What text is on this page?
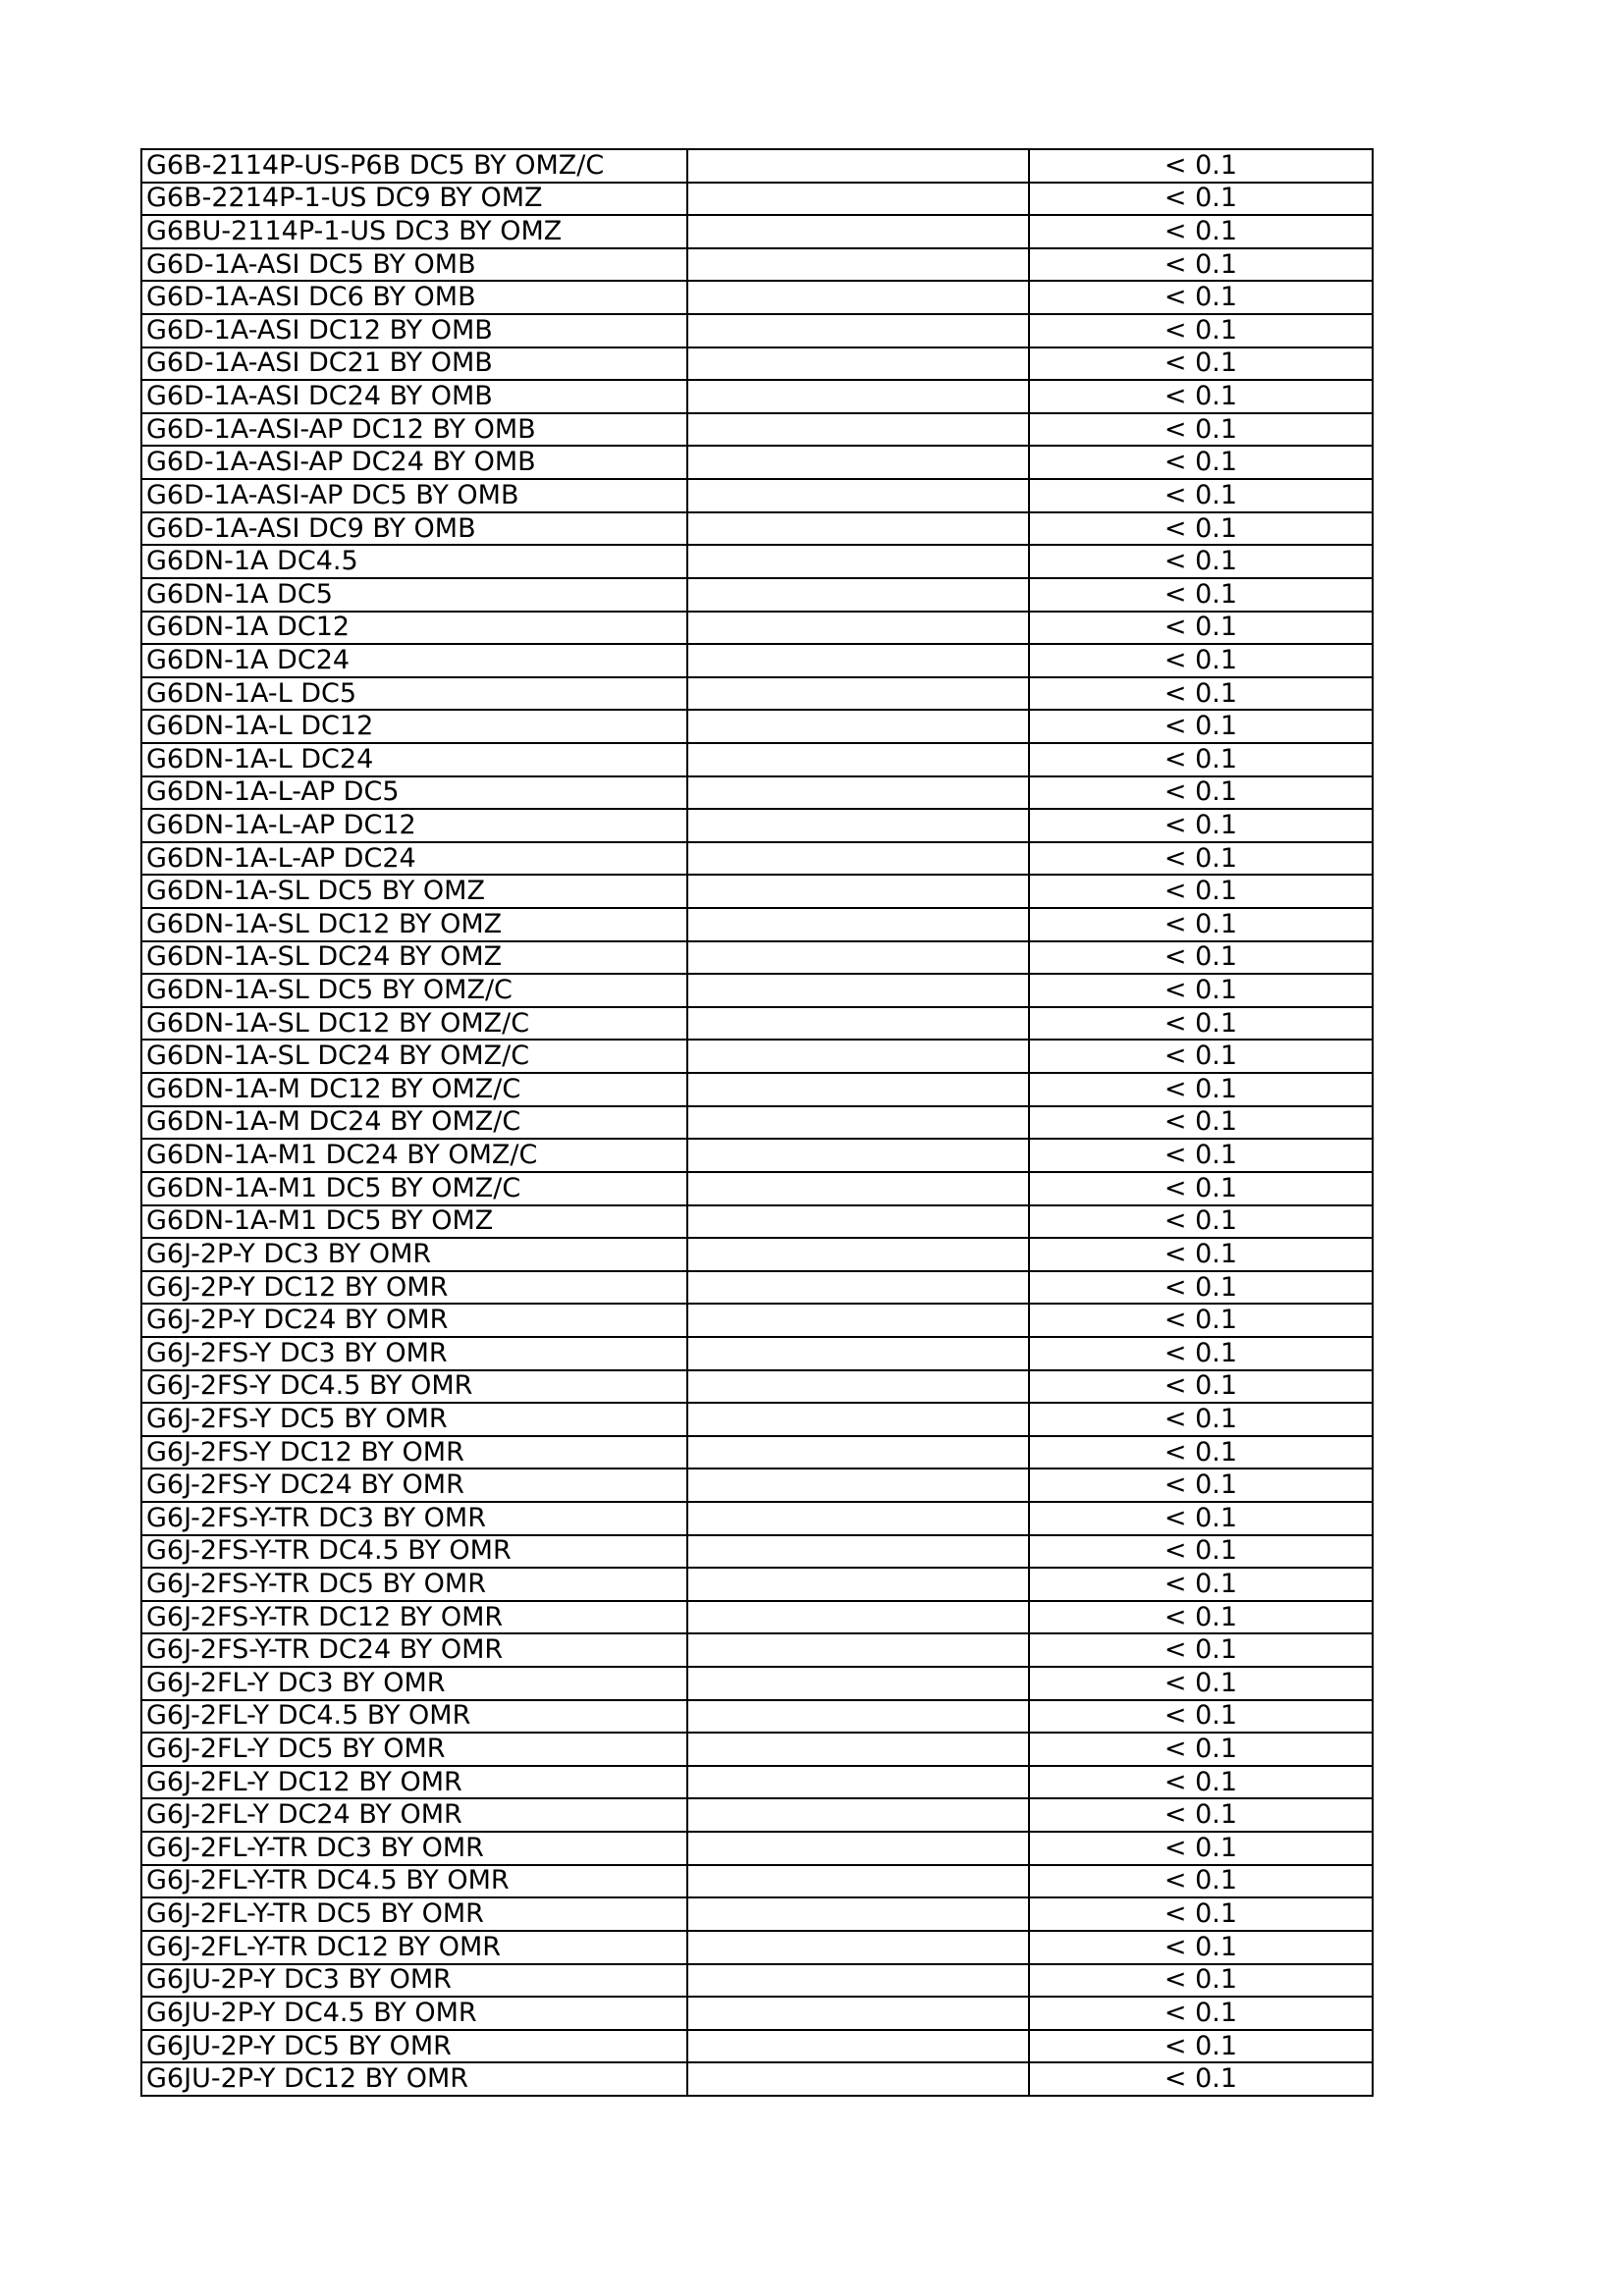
G6B-2114P-US-P6B DC5 BY OMZ/C		< 0.1
G6B-2214P-1-US DC9 BY OMZ		< 0.1
G6BU-2114P-1-US DC3 BY OMZ		< 0.1
G6D-1A-ASI DC5 BY OMB		< 0.1
G6D-1A-ASI DC6 BY OMB		< 0.1
G6D-1A-ASI DC12 BY OMB		< 0.1
G6D-1A-ASI DC21 BY OMB		< 0.1
G6D-1A-ASI DC24 BY OMB		< 0.1
G6D-1A-ASI-AP DC12 BY OMB		< 0.1
G6D-1A-ASI-AP DC24 BY OMB		< 0.1
G6D-1A-ASI-AP DC5 BY OMB		< 0.1
G6D-1A-ASI DC9 BY OMB		< 0.1
G6DN-1A DC4.5		< 0.1
G6DN-1A DC5		< 0.1
G6DN-1A DC12		< 0.1
G6DN-1A DC24		< 0.1
G6DN-1A-L DC5		< 0.1
G6DN-1A-L DC12		< 0.1
G6DN-1A-L DC24		< 0.1
G6DN-1A-L-AP DC5		< 0.1
G6DN-1A-L-AP DC12		< 0.1
G6DN-1A-L-AP DC24		< 0.1
G6DN-1A-SL DC5 BY OMZ		< 0.1
G6DN-1A-SL DC12 BY OMZ		< 0.1
G6DN-1A-SL DC24 BY OMZ		< 0.1
G6DN-1A-SL DC5 BY OMZ/C		< 0.1
G6DN-1A-SL DC12 BY OMZ/C		< 0.1
G6DN-1A-SL DC24 BY OMZ/C		< 0.1
G6DN-1A-M DC12 BY OMZ/C		< 0.1
G6DN-1A-M DC24 BY OMZ/C		< 0.1
G6DN-1A-M1 DC24 BY OMZ/C		< 0.1
G6DN-1A-M1 DC5 BY OMZ/C		< 0.1
G6DN-1A-M1 DC5 BY OMZ		< 0.1
G6J-2P-Y DC3 BY OMR		< 0.1
G6J-2P-Y DC12 BY OMR		< 0.1
G6J-2P-Y DC24 BY OMR		< 0.1
G6J-2FS-Y DC3 BY OMR		< 0.1
G6J-2FS-Y DC4.5 BY OMR		< 0.1
G6J-2FS-Y DC5 BY OMR		< 0.1
G6J-2FS-Y DC12 BY OMR		< 0.1
G6J-2FS-Y DC24 BY OMR		< 0.1
G6J-2FS-Y-TR DC3 BY OMR		< 0.1
G6J-2FS-Y-TR DC4.5 BY OMR		< 0.1
G6J-2FS-Y-TR DC5 BY OMR		< 0.1
G6J-2FS-Y-TR DC12 BY OMR		< 0.1
G6J-2FS-Y-TR DC24 BY OMR		< 0.1
G6J-2FL-Y DC3 BY OMR		< 0.1
G6J-2FL-Y DC4.5 BY OMR		< 0.1
G6J-2FL-Y DC5 BY OMR		< 0.1
G6J-2FL-Y DC12 BY OMR		< 0.1
G6J-2FL-Y DC24 BY OMR		< 0.1
G6J-2FL-Y-TR DC3 BY OMR		< 0.1
G6J-2FL-Y-TR DC4.5 BY OMR		< 0.1
G6J-2FL-Y-TR DC5 BY OMR		< 0.1
G6J-2FL-Y-TR DC12 BY OMR		< 0.1
G6JU-2P-Y DC3 BY OMR		< 0.1
G6JU-2P-Y DC4.5 BY OMR		< 0.1
G6JU-2P-Y DC5 BY OMR		< 0.1
G6JU-2P-Y DC12 BY OMR		< 0.1
